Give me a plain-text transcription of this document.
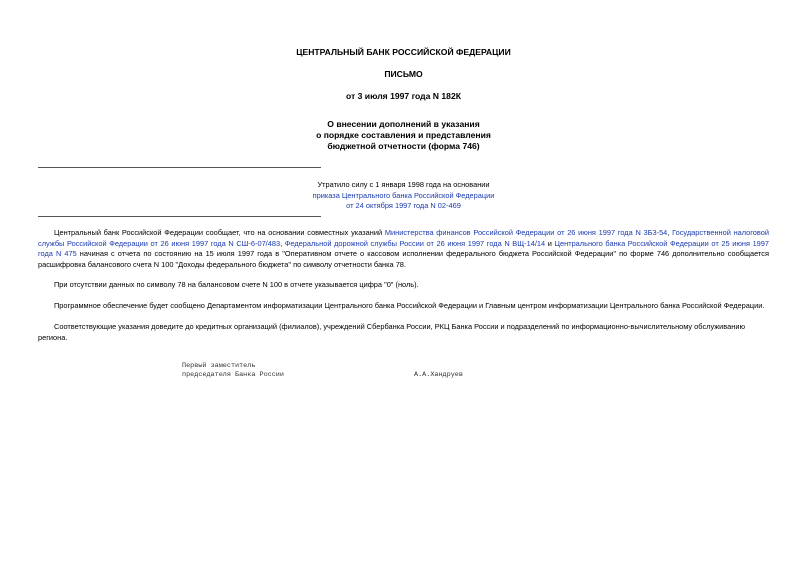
ЦЕНТРАЛЬНЫЙ БАНК РОССИЙСКОЙ ФЕДЕРАЦИИ
ПИСЬМО
от 3 июля 1997 года N 182К
О внесении дополнений в указания
о порядке составления и представления
бюджетной отчетности (форма 746)
Утратило силу с 1 января 1998 года на основании
приказа Центрального банка Российской Федерации
от 24 октября 1997 года N 02-469
Центральный банк Российской Федерации сообщает, что на основании совместных указаний Министерства финансов Российской Федерации от 26 июня 1997 года N 3Б3-54, Государственной налоговой службы Российской Федерации от 26 июня 1997 года N СШ-6-07/483, Федеральной дорожной службы России от 26 июня 1997 года N ВЩ-14/14 и Центрального банка Российской Федерации от 25 июня 1997 года N 475 начиная с отчета по состоянию на 15 июля 1997 года в "Оперативном отчете о кассовом исполнении федерального бюджета Российской Федерации" по форме 746 дополнительно сообщается расшифровка балансового счета N 100 "Доходы федерального бюджета" по символу отчетности банка 78.
При отсутствии данных по символу 78 на балансовом счете N 100 в отчете указывается цифра "0" (ноль).
Программное обеспечение будет сообщено Департаментом информатизации Центрального банка Российской Федерации и Главным центром информатизации Центрального банка Российской Федерации.
Соответствующие указания доведите до кредитных организаций (филиалов), учреждений Сбербанка России, РКЦ Банка России и подразделений по информационно-вычислительному обслуживанию региона.
Первый заместитель
председателя Банка России	А.А.Хандруев
